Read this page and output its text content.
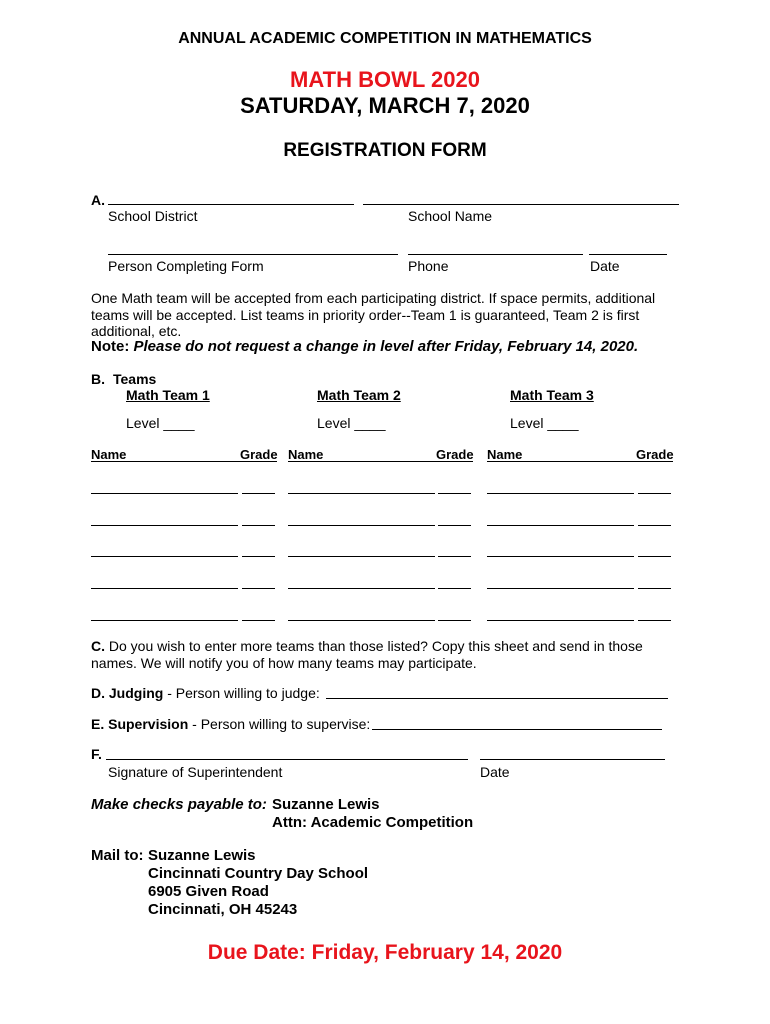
ANNUAL ACADEMIC COMPETITION IN MATHEMATICS
MATH BOWL 2020
SATURDAY, MARCH 7, 2020
REGISTRATION FORM
A.
School District	School Name
Person Completing Form	Phone	Date
One Math team will be accepted from each participating district. If space permits, additional teams will be accepted. List teams in priority order--Team 1 is guaranteed, Team 2 is first additional, etc.
Note: Please do not request a change in level after Friday, February 14, 2020.
B. Teams
Math Team 1	Math Team 2	Math Team 3
Level ____	Level ____	Level ____
Name	Grade Name	Grade Name	Grade
C. Do you wish to enter more teams than those listed? Copy this sheet and send in those names. We will notify you of how many teams may participate.
D. Judging - Person willing to judge:
E. Supervision - Person willing to supervise:
F.
Signature of Superintendent	Date
Make checks payable to: Suzanne Lewis
Attn: Academic Competition
Mail to: Suzanne Lewis
Cincinnati Country Day School
6905 Given Road
Cincinnati, OH 45243
Due Date: Friday, February 14, 2020
